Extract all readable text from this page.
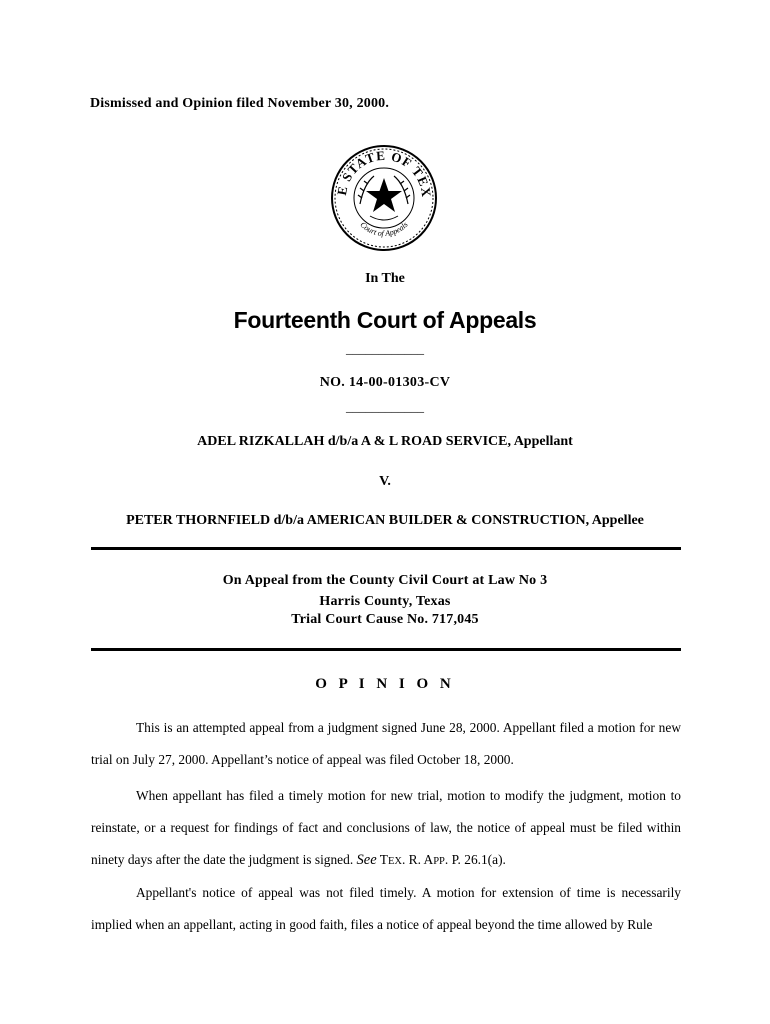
Dismissed and Opinion filed November 30, 2000.
E STATE OF TEX
Court of Appeals
In The
Fourteenth Court of Appeals
____________
NO. 14-00-01303-CV
____________
ADEL RIZKALLAH d/b/a A & L ROAD SERVICE, Appellant
V.
PETER THORNFIELD d/b/a AMERICAN BUILDER & CONSTRUCTION, Appellee
On Appeal from the County Civil Court at Law No 3
Harris County, Texas
Trial Court Cause No. 717,045
O P I N I O N
This is an attempted appeal from a judgment signed June 28, 2000. Appellant filed a motion for new trial on July 27, 2000. Appellant’s notice of appeal was filed October 18, 2000.
When appellant has filed a timely motion for new trial, motion to modify the judgment, motion to reinstate, or a request for findings of fact and conclusions of law, the notice of appeal must be filed within ninety days after the date the judgment is signed. See TEX. R. APP. P. 26.1(a).
Appellant's notice of appeal was not filed timely. A motion for extension of time is necessarily implied when an appellant, acting in good faith, files a notice of appeal beyond the time allowed by Rule
